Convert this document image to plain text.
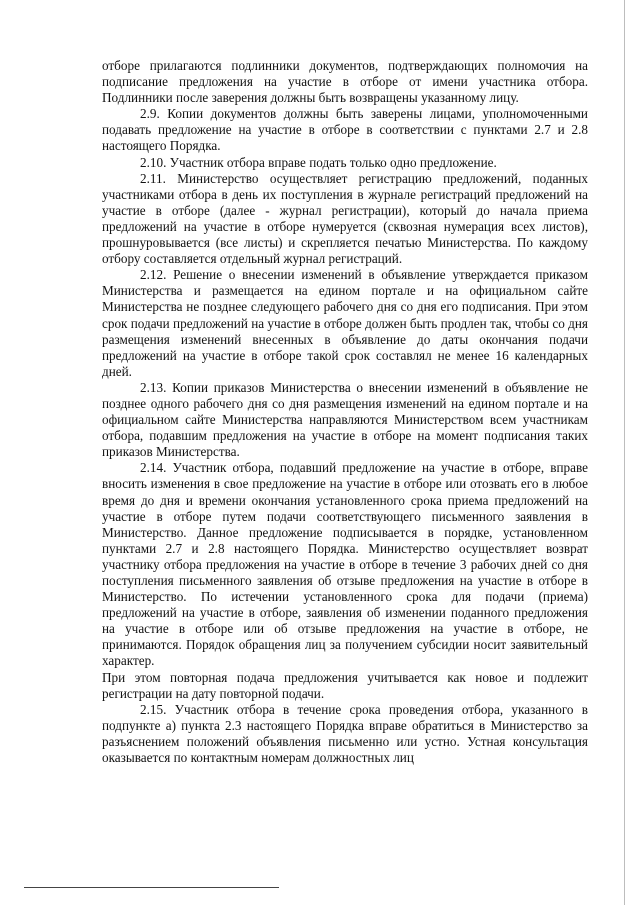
отборе прилагаются подлинники документов, подтверждающих полномочия на подписание предложения на участие в отборе от имени участника отбора. Подлинники после заверения должны быть возвращены указанному лицу.

2.9. Копии документов должны быть заверены лицами, уполномоченными подавать предложение на участие в отборе в соответствии с пунктами 2.7 и 2.8 настоящего Порядка.

2.10. Участник отбора вправе подать только одно предложение.

2.11. Министерство осуществляет регистрацию предложений, поданных участниками отбора в день их поступления в журнале регистраций предложений на участие в отборе (далее - журнал регистрации), который до начала приема предложений на участие в отборе нумеруется (сквозная нумерация всех листов), прошнуровывается (все листы) и скрепляется печатью Министерства. По каждому отбору составляется отдельный журнал регистраций.

2.12. Решение о внесении изменений в объявление утверждается приказом Министерства и размещается на едином портале и на официальном сайте Министерства не позднее следующего рабочего дня со дня его подписания. При этом срок подачи предложений на участие в отборе должен быть продлен так, чтобы со дня размещения изменений внесенных в объявление до даты окончания подачи предложений на участие в отборе такой срок составлял не менее 16 календарных дней.

2.13. Копии приказов Министерства о внесении изменений в объявление не позднее одного рабочего дня со дня размещения изменений на едином портале и на официальном сайте Министерства направляются Министерством всем участникам отбора, подавшим предложения на участие в отборе на момент подписания таких приказов Министерства.

2.14. Участник отбора, подавший предложение на участие в отборе, вправе вносить изменения в свое предложение на участие в отборе или отозвать его в любое время до дня и времени окончания установленного срока приема предложений на участие в отборе путем подачи соответствующего письменного заявления в Министерство. Данное предложение подписывается в порядке, установленном пунктами 2.7 и 2.8 настоящего Порядка. Министерство осуществляет возврат участнику отбора предложения на участие в отборе в течение 3 рабочих дней со дня поступления письменного заявления об отзыве предложения на участие в отборе в Министерство. По истечении установленного срока для подачи (приема) предложений на участие в отборе, заявления об изменении поданного предложения на участие в отборе или об отзыве предложения на участие в отборе, не принимаются. Порядок обращения лиц за получением субсидии носит заявительный характер.

При этом повторная подача предложения учитывается как новое и подлежит регистрации на дату повторной подачи.

2.15. Участник отбора в течение срока проведения отбора, указанного в подпункте а) пункта 2.3 настоящего Порядка вправе обратиться в Министерство за разъяснением положений объявления письменно или устно. Устная консультация оказывается по контактным номерам должностных лиц
